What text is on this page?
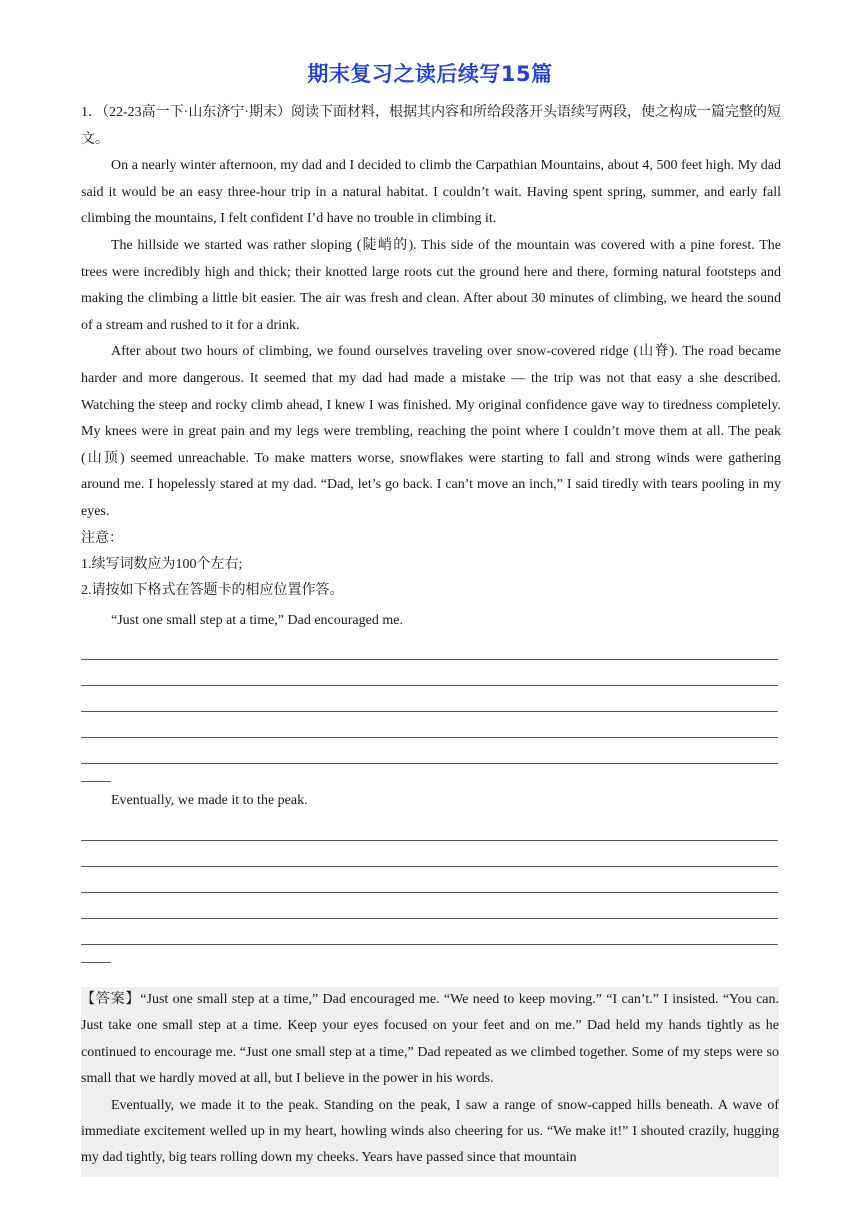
期末复习之读后续写15篇

1．（22-23高一下·山东济宁·期末）阅读下面材料，根据其内容和所给段落开头语续写两段，使之构成一篇完整的短文。

On a nearly winter afternoon, my dad and I decided to climb the Carpathian Mountains, about 4, 500 feet high. My dad said it would be an easy three-hour trip in a natural habitat. I couldn’t wait. Having spent spring, summer, and early fall climbing the mountains, I felt confident I’d have no trouble in climbing it.

The hillside we started was rather sloping (陡峭的). This side of the mountain was covered with a pine forest. The trees were incredibly high and thick; their knotted large roots cut the ground here and there, forming natural footsteps and making the climbing a little bit easier. The air was fresh and clean. After about 30 minutes of climbing, we heard the sound of a stream and rushed to it for a drink.

After about two hours of climbing, we found ourselves traveling over snow-covered ridge (山脊). The road became harder and more dangerous. It seemed that my dad had made a mistake — the trip was not that easy a she described. Watching the steep and rocky climb ahead, I knew I was finished. My original confidence gave way to tiredness completely. My knees were in great pain and my legs were trembling, reaching the point where I couldn’t move them at all. The peak (山顶) seemed unreachable. To make matters worse, snowflakes were starting to fall and strong winds were gathering around me. I hopelessly stared at my dad. “Dad, let’s go back. I can’t move an inch,” I said tiredly with tears pooling in my eyes.

注意：

1.续写词数应为100个左右;

2.请按如下格式在答题卡的相应位置作答。

“Just one small step at a time,” Dad encouraged me.

Eventually, we made it to the peak.

【答案】“Just one small step at a time,” Dad encouraged me. “We need to keep moving.” “I can’t.” I insisted. “You can. Just take one small step at a time. Keep your eyes focused on your feet and on me.” Dad held my hands tightly as he continued to encourage me. “Just one small step at a time,” Dad repeated as we climbed together. Some of my steps were so small that we hardly moved at all, but I believe in the power in his words.

Eventually, we made it to the peak. Standing on the peak, I saw a range of snow-capped hills beneath. A wave of immediate excitement welled up in my heart, howling winds also cheering for us. “We make it!” I shouted crazily, hugging my dad tightly, big tears rolling down my cheeks. Years have passed since that mountain
